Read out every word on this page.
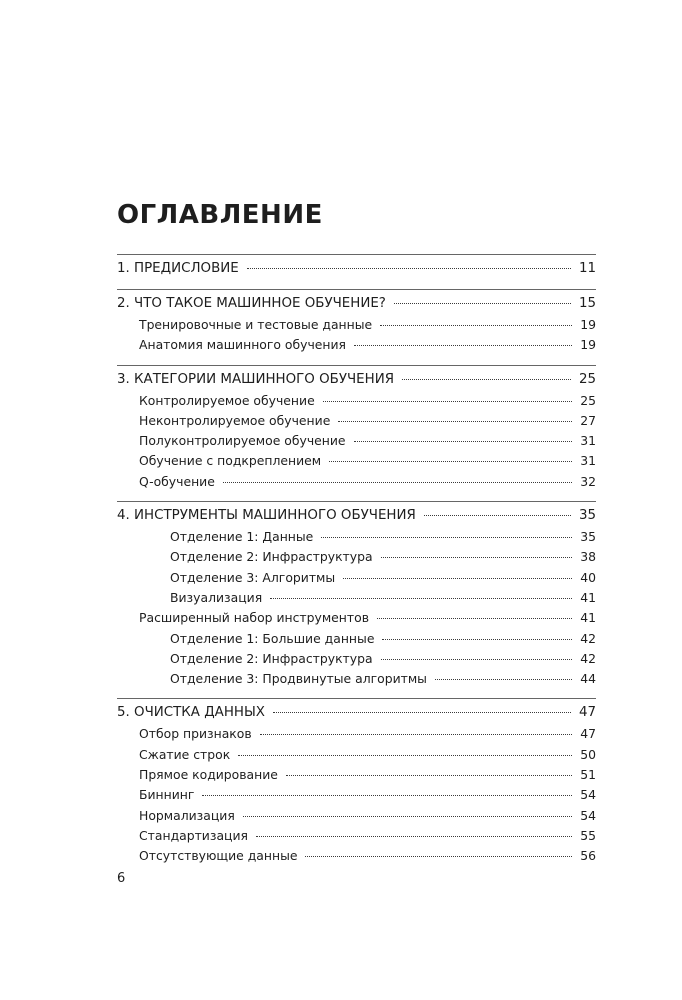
ОГЛАВЛЕНИЕ
1. ПРЕДИСЛОВИЕ	11
2. ЧТО ТАКОЕ МАШИННОЕ ОБУЧЕНИЕ?	15
Тренировочные и тестовые данные	19
Анатомия машинного обучения	19
3. КАТЕГОРИИ МАШИННОГО ОБУЧЕНИЯ	25
Контролируемое обучение	25
Неконтролируемое обучение	27
Полуконтролируемое обучение	31
Обучение с подкреплением	31
Q-обучение	32
4. ИНСТРУМЕНТЫ МАШИННОГО ОБУЧЕНИЯ	35
Отделение 1: Данные	35
Отделение 2: Инфраструктура	38
Отделение 3: Алгоритмы	40
Визуализация	41
Расширенный набор инструментов	41
Отделение 1: Большие данные	42
Отделение 2: Инфраструктура	42
Отделение 3: Продвинутые алгоритмы	44
5. ОЧИСТКА ДАННЫХ	47
Отбор признаков	47
Сжатие строк	50
Прямое кодирование	51
Биннинг	54
Нормализация	54
Стандартизация	55
Отсутствующие данные	56
6
